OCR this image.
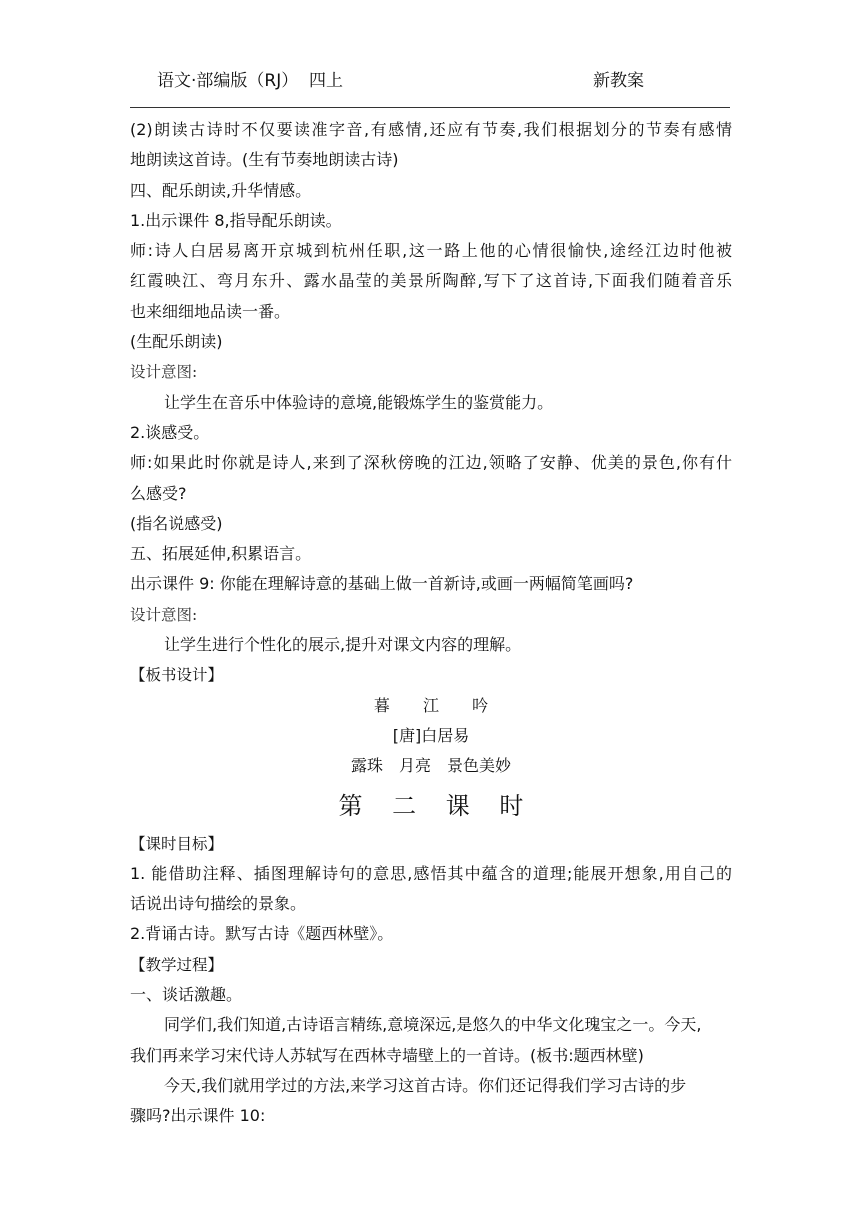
语文·部编版（RJ）  四上	新教案
(2)朗读古诗时不仅要读准字音,有感情,还应有节奏,我们根据划分的节奏有感情
地朗读这首诗。(生有节奏地朗读古诗)
四、配乐朗读,升华情感。
1.出示课件 8,指导配乐朗读。
师:诗人白居易离开京城到杭州任职,这一路上他的心情很愉快,途经江边时他被
红霞映江、弯月东升、露水晶莹的美景所陶醉,写下了这首诗,下面我们随着音乐
也来细细地品读一番。
(生配乐朗读)
设计意图:
让学生在音乐中体验诗的意境,能锻炼学生的鉴赏能力。
2.谈感受。
师:如果此时你就是诗人,来到了深秋傍晚的江边,领略了安静、优美的景色,你有什
么感受?
(指名说感受)
五、拓展延伸,积累语言。
出示课件 9: 你能在理解诗意的基础上做一首新诗,或画一两幅简笔画吗?
设计意图:
让学生进行个性化的展示,提升对课文内容的理解。
【板书设计】
暮 江 吟
[唐]白居易
露珠　月亮　景色美妙
第 二 课 时
【课时目标】
1. 能借助注释、插图理解诗句的意思,感悟其中蕴含的道理;能展开想象,用自己的
话说出诗句描绘的景象。
2.背诵古诗。默写古诗《题西林壁》。
【教学过程】
一、谈话激趣。
同学们,我们知道,古诗语言精练,意境深远,是悠久的中华文化瑰宝之一。今天,
我们再来学习宋代诗人苏轼写在西林寺墙壁上的一首诗。(板书:题西林壁)
今天,我们就用学过的方法,来学习这首古诗。你们还记得我们学习古诗的步
骤吗?出示课件 10:
